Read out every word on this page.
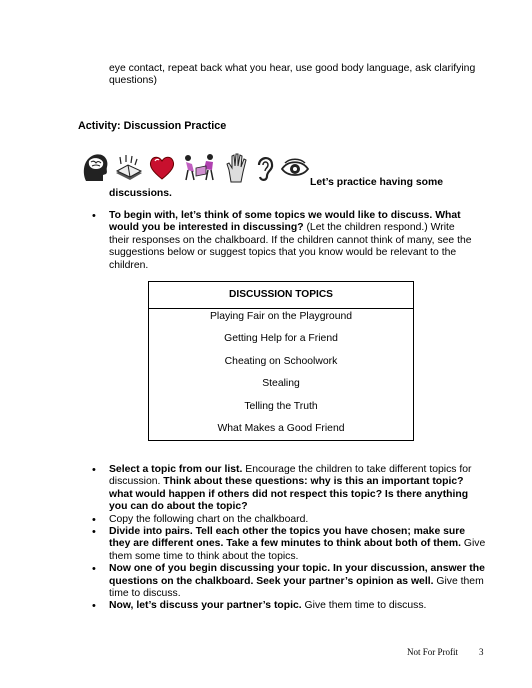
eye contact, repeat back what you hear, use good body language, ask clarifying questions)
Activity: Discussion Practice
Let’s practice having some
discussions.
• To begin with, let’s think of some topics we would like to discuss. What would you be interested in discussing? (Let the children respond.) Write their responses on the chalkboard. If the children cannot think of many, see the suggestions below or suggest topics that you know would be relevant to the children.
DISCUSSION TOPICS
Playing Fair on the Playground
Getting Help for a Friend
Cheating on Schoolwork
Stealing
Telling the Truth
What Makes a Good Friend
• Select a topic from our list. Encourage the children to take different topics for discussion. Think about these questions: why is this an important topic? what would happen if others did not respect this topic? Is there anything you can do about the topic?
• Copy the following chart on the chalkboard.
• Divide into pairs. Tell each other the topics you have chosen; make sure they are different ones. Take a few minutes to think about both of them. Give them some time to think about the topics.
• Now one of you begin discussing your topic. In your discussion, answer the questions on the chalkboard. Seek your partner’s opinion as well. Give them time to discuss.
• Now, let’s discuss your partner’s topic. Give them time to discuss.
Not For Profit 3
